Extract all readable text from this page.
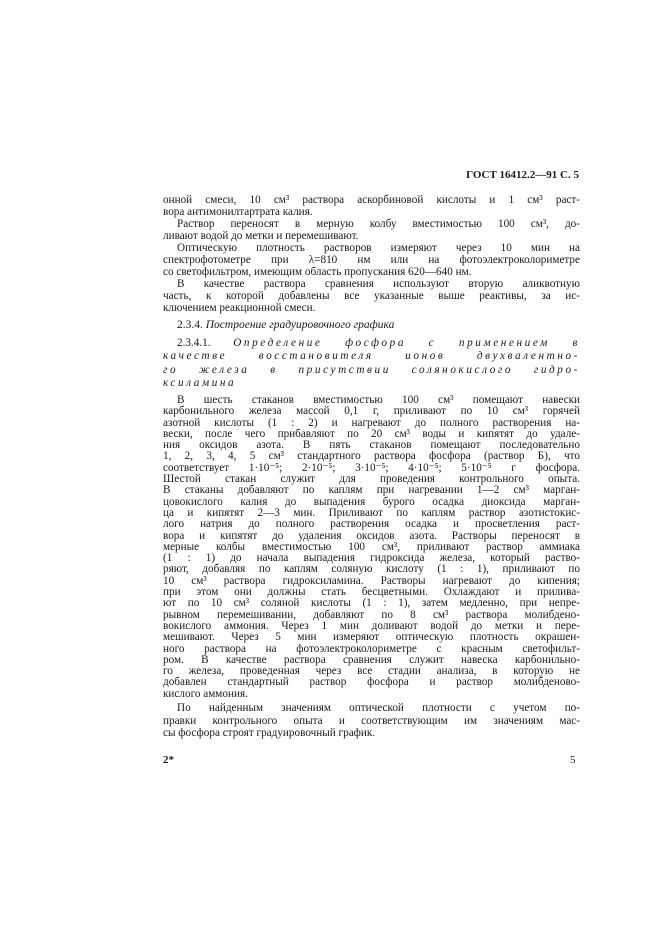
ГОСТ 16412.2—91 С. 5
онной смеси, 10 см³ раствора аскорбиновой кислоты и 1 см³ раст-
вора антимонилтартрата калия.
Раствор переносят в мерную колбу вместимостью 100 см³, до-
ливают водой до метки и перемешивают.
Оптическую плотность растворов измеряют через 10 мин на
спектрофотометре при λ=810 нм или на фотоэлектроколориметре
со светофильтром, имеющим область пропускания 620—640 нм.
В качестве раствора сравнения используют вторую аликвотную
часть, к которой добавлены все указанные выше реактивы, за ис-
ключением реакционной смеси.
2.3.4. Построение градуировочного графика
2.3.4.1. Определение фосфора с применением в
качестве восстановителя ионов двухвалентно-
го железа в присутствии солянокислого гидро-
ксиламина
В шесть стаканов вместимостью 100 см³ помещают навески
карбонильного железа массой 0,1 г, приливают по 10 см³ горячей
азотной кислоты (1 : 2) и нагревают до полного растворения на-
вески, после чего прибавляют по 20 см³ воды и кипятят до удале-
ния оксидов азота. В пять стаканов помещают последовательно
1, 2, 3, 4, 5 см³ стандартного раствора фосфора (раствор Б), что
соответствует 1·10⁻⁵; 2·10⁻⁵; 3·10⁻⁵; 4·10⁻⁵; 5·10⁻⁵ г фосфора.
Шестой стакан служит для проведения контрольного опыта.
В стаканы добавляют по каплям при нагревании 1—2 см³ марган-
цовокислого калия до выпадения бурого осадка диоксида марган-
ца и кипятят 2—3 мин. Приливают по каплям раствор азотистокис-
лого натрия до полного растворения осадка и просветления раст-
вора и кипятят до удаления оксидов азота. Растворы переносят в
мерные колбы вместимостью 100 см³, приливают раствор аммиака
(1 : 1) до начала выпадения гидроксида железа, который раство-
ряют, добавляя по каплям соляную кислоту (1 : 1), приливают по
10 см³ раствора гидроксиламина. Растворы нагревают до кипения;
при этом они должны стать бесцветными. Охлаждают и прилива-
ют по 10 см³ соляной кислоты (1 : 1), затем медленно, при непре-
рывном перемешивании, добавляют по 8 см³ раствора молибдено-
вокислого аммония. Через 1 мин доливают водой до метки и пере-
мешивают. Через 5 мин измеряют оптическую плотность окрашен-
ного раствора на фотоэлектроколориметре с красным светофильт-
ром. В качестве раствора сравнения служит навеска карбонильно-
го железа, проведенная через все стадии анализа, в которую не
добавлен стандартный раствор фосфора и раствор молибденово-
кислого аммония.
По найденным значениям оптической плотности с учетом по-
правки контрольного опыта и соответствующим им значениям мас-
сы фосфора строят градуировочный график.
2*	5
